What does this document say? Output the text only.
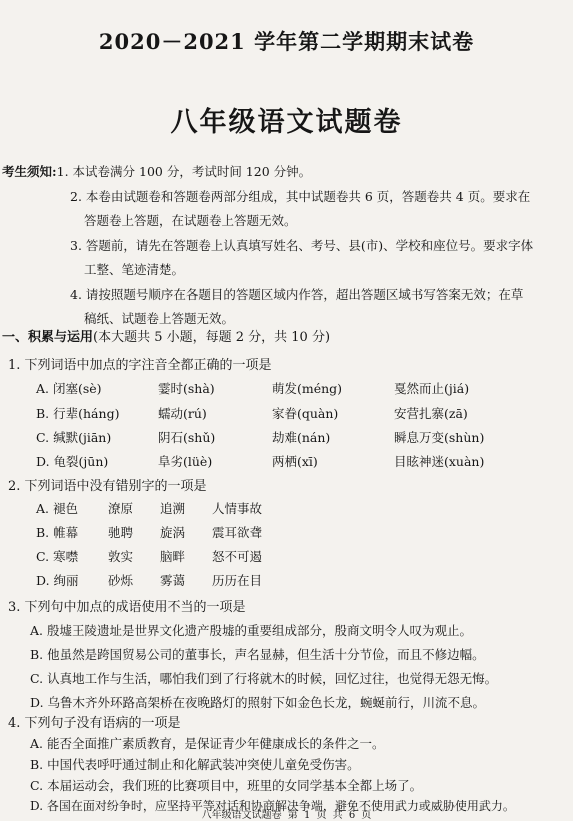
2020－2021 学年第二学期期末试卷
八年级语文试题卷
考生须知:1. 本试卷满分 100 分，考试时间 120 分钟。
2. 本卷由试题卷和答题卷两部分组成，其中试题卷共 6 页，答题卷共 4 页。要求在
答题卷上答题，在试题卷上答题无效。
3. 答题前，请先在答题卷上认真填写姓名、考号、县(市)、学校和座位号。要求字体
工整、笔迹清楚。
4. 请按照题号顺序在各题目的答题区域内作答，超出答题区域书写答案无效；在草
稿纸、试题卷上答题无效。
一、积累与运用(本大题共 5 小题，每题 2 分，共 10 分)
1. 下列词语中加点的字注音全都正确的一项是
A. 闭塞(sè)	霎时(shà)	萌发(méng)	戛然而止(jiá)
B. 行辈(háng)	蠕动(rú)	家眷(quàn)	安营扎寨(zā)
C. 缄默(jiān)	阴石(shǔ)	劫难(nán)	瞬息万变(shùn)
D. 龟裂(jūn)	阜劣(lüè)	两栖(xī)	目眩神迷(xuàn)
2. 下列词语中没有错别字的一项是
A. 褪色 潦原 追溯 人情事故
B. 帷幕 驰聘 旋涡 震耳欲聋
C. 寒噤 敦实 脑畔 怒不可遏
D. 绚丽 砂烁 雾蔼 历历在目
3. 下列句中加点的成语使用不当的一项是
A. 殷墟王陵遗址是世界文化遗产殷墟的重要组成部分，殷商文明令人叹为观止。
B. 他虽然是跨国贸易公司的董事长，声名显赫，但生活十分节俭，而且不修边幅。
C. 认真地工作与生活，哪怕我们到了行将就木的时候，回忆过往，也觉得无怨无悔。
D. 乌鲁木齐外环路高架桥在夜晚路灯的照射下如金色长龙，蜿蜒前行，川流不息。
4. 下列句子没有语病的一项是
A. 能否全面推广素质教育，是保证青少年健康成长的条件之一。
B. 中国代表呼吁通过制止和化解武装冲突使儿童免受伤害。
C. 本届运动会，我们班的比赛项目中，班里的女同学基本全都上场了。
D. 各国在面对纷争时，应坚持平等对话和协商解决争端，避免不使用武力或威胁使用武力。
八年级语文试题卷 第 1 页 共 6 页
